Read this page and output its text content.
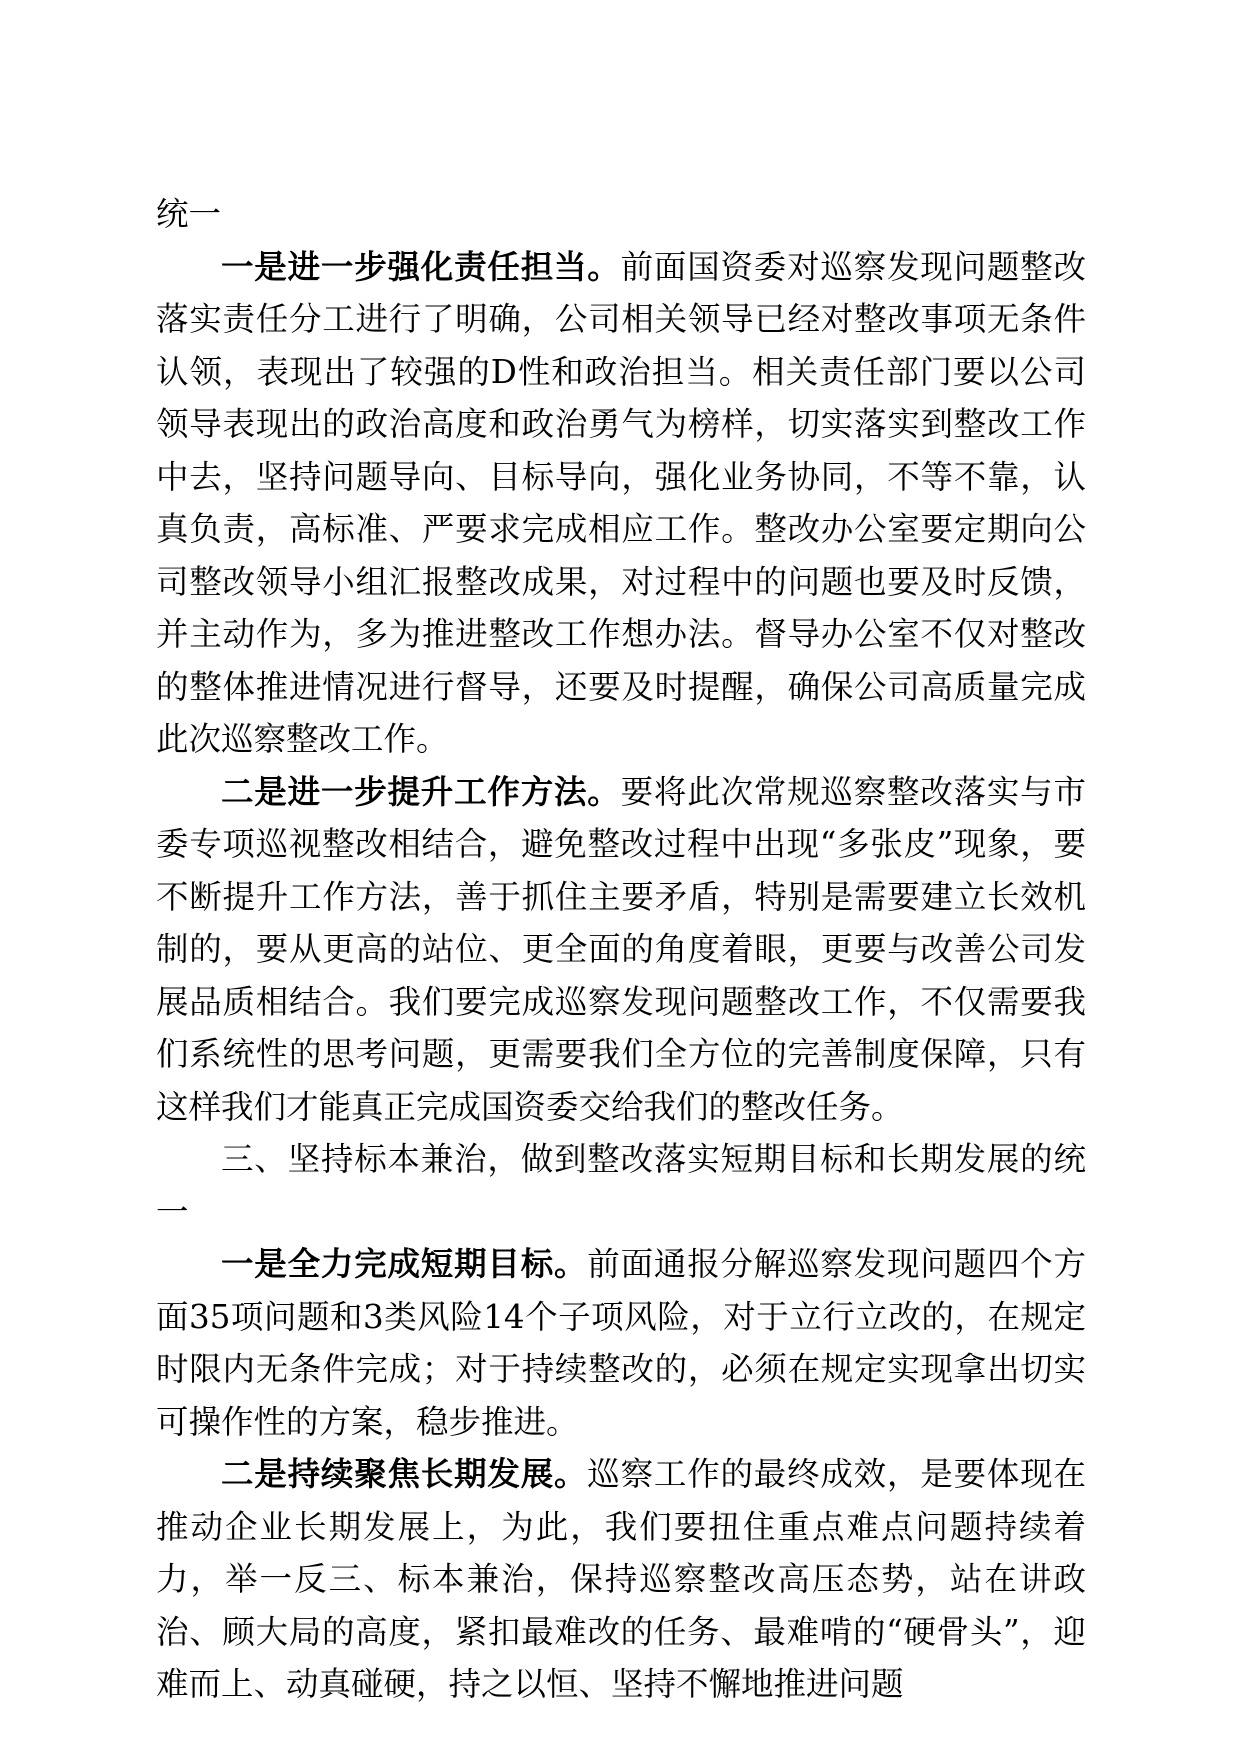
统一

一是进一步强化责任担当。前面国资委对巡察发现问题整改落实责任分工进行了明确，公司相关领导已经对整改事项无条件认领，表现出了较强的D性和政治担当。相关责任部门要以公司领导表现出的政治高度和政治勇气为榜样，切实落实到整改工作中去，坚持问题导向、目标导向，强化业务协同，不等不靠，认真负责，高标准、严要求完成相应工作。整改办公室要定期向公司整改领导小组汇报整改成果，对过程中的问题也要及时反馈，并主动作为，多为推进整改工作想办法。督导办公室不仅对整改的整体推进情况进行督导，还要及时提醒，确保公司高质量完成此次巡察整改工作。

二是进一步提升工作方法。要将此次常规巡察整改落实与市委专项巡视整改相结合，避免整改过程中出现“多张皮”现象，要不断提升工作方法，善于抓住主要矛盾，特别是需要建立长效机制的，要从更高的站位、更全面的角度着眼，更要与改善公司发展品质相结合。我们要完成巡察发现问题整改工作，不仅需要我们系统性的思考问题，更需要我们全方位的完善制度保障，只有这样我们才能真正完成国资委交给我们的整改任务。

三、坚持标本兼治，做到整改落实短期目标和长期发展的统一

一是全力完成短期目标。前面通报分解巡察发现问题四个方面35项问题和3类风险14个子项风险，对于立行立改的，在规定时限内无条件完成；对于持续整改的，必须在规定实现拿出切实可操作性的方案，稳步推进。

二是持续聚焦长期发展。巡察工作的最终成效，是要体现在推动企业长期发展上，为此，我们要扭住重点难点问题持续着力，举一反三、标本兼治，保持巡察整改高压态势，站在讲政治、顾大局的高度，紧扣最难改的任务、最难啃的“硬骨头”，迎难而上、动真碰硬，持之以恒、坚持不懈地推进问题
